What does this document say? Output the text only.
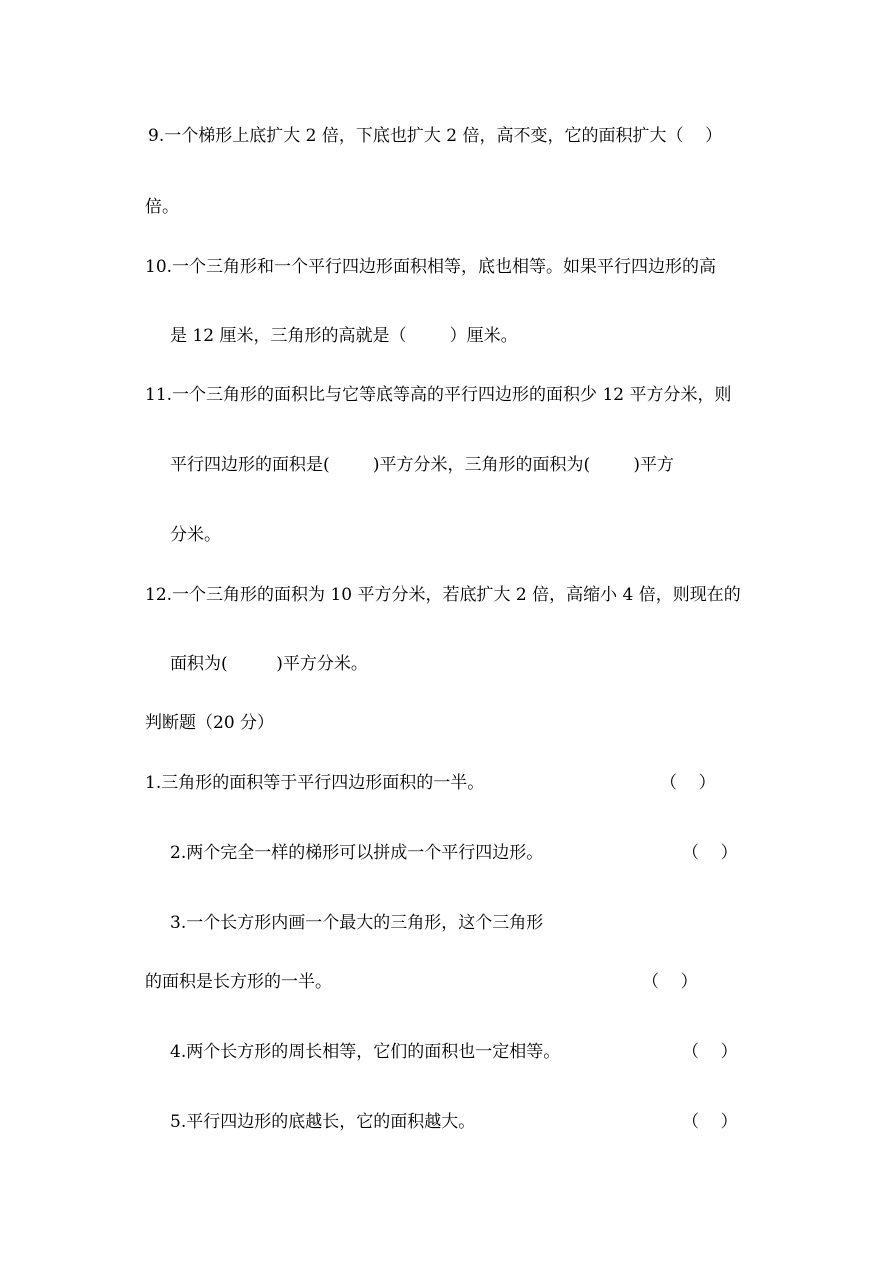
9.一个梯形上底扩大 2 倍，下底也扩大 2 倍，高不变，它的面积扩大（    ）
倍。
10.一个三角形和一个平行四边形面积相等，底也相等。如果平行四边形的高
是 12 厘米，三角形的高就是（        ）厘米。
11.一个三角形的面积比与它等底等高的平行四边形的面积少 12 平方分米，则
平行四边形的面积是(        )平方分米，三角形的面积为(        )平方
分米。
12.一个三角形的面积为 10 平方分米，若底扩大 2 倍，高缩小 4 倍，则现在的
面积为(         )平方分米。
判断题（20 分）
1.三角形的面积等于平行四边形面积的一半。	（    ）
2.两个完全一样的梯形可以拼成一个平行四边形。	（    ）
3.一个长方形内画一个最大的三角形，这个三角形
的面积是长方形的一半。	（    ）
4.两个长方形的周长相等，它们的面积也一定相等。	（    ）
5.平行四边形的底越长，它的面积越大。	（    ）
